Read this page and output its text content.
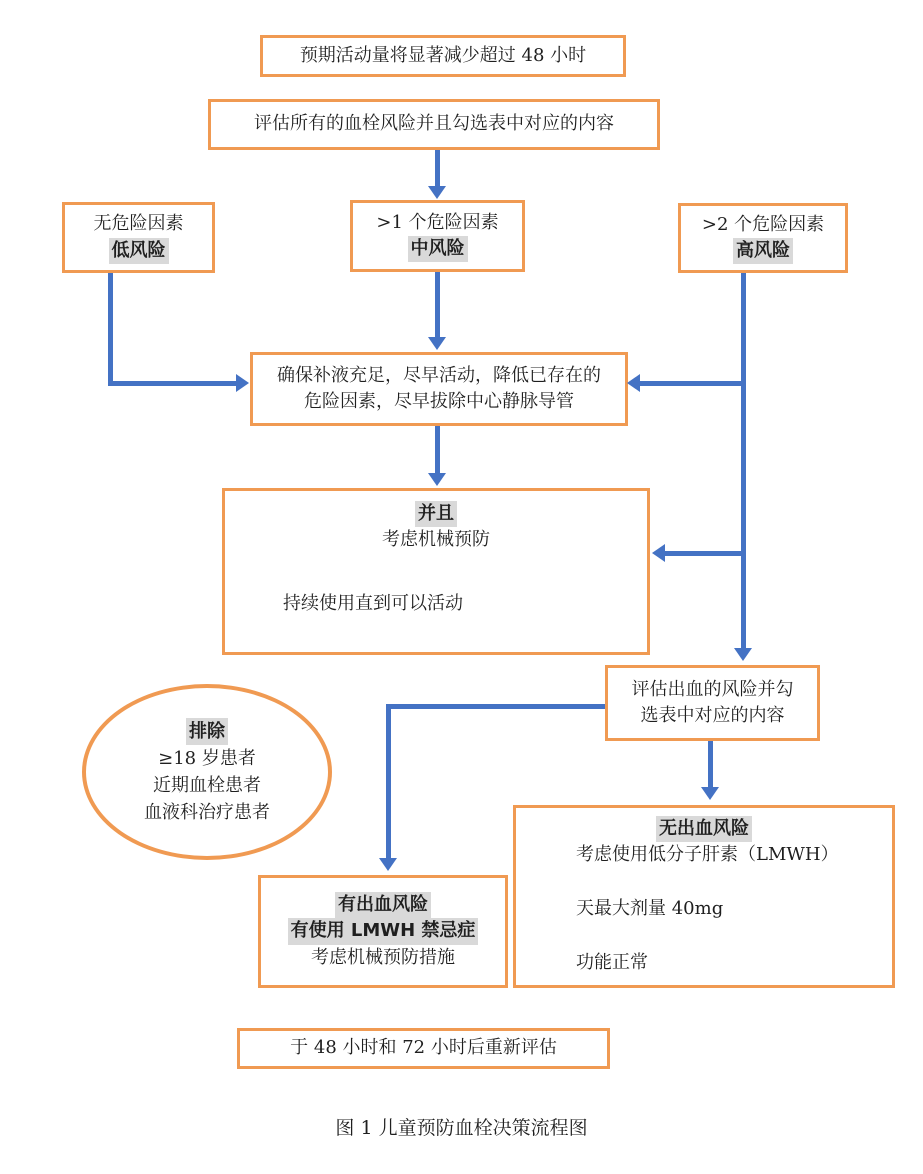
预期活动量将显著减少超过 48 小时
评估所有的血栓风险并且勾选表中对应的内容
无危险因素
低风险
>1 个危险因素
中风险
>2 个危险因素
高风险
确保补液充足，尽早活动，降低已存在的
危险因素，尽早拔除中心静脉导管
并且
考虑机械预防
持续使用直到可以活动
评估出血的风险并勾
选表中对应的内容
排除
≥18 岁患者
近期血栓患者
血液科治疗患者
有出血风险
有使用 LMWH 禁忌症
考虑机械预防措施
无出血风险
考虑使用低分子肝素（LMWH）
天最大剂量 40mg
功能正常
于 48 小时和 72 小时后重新评估
图 1 儿童预防血栓决策流程图
